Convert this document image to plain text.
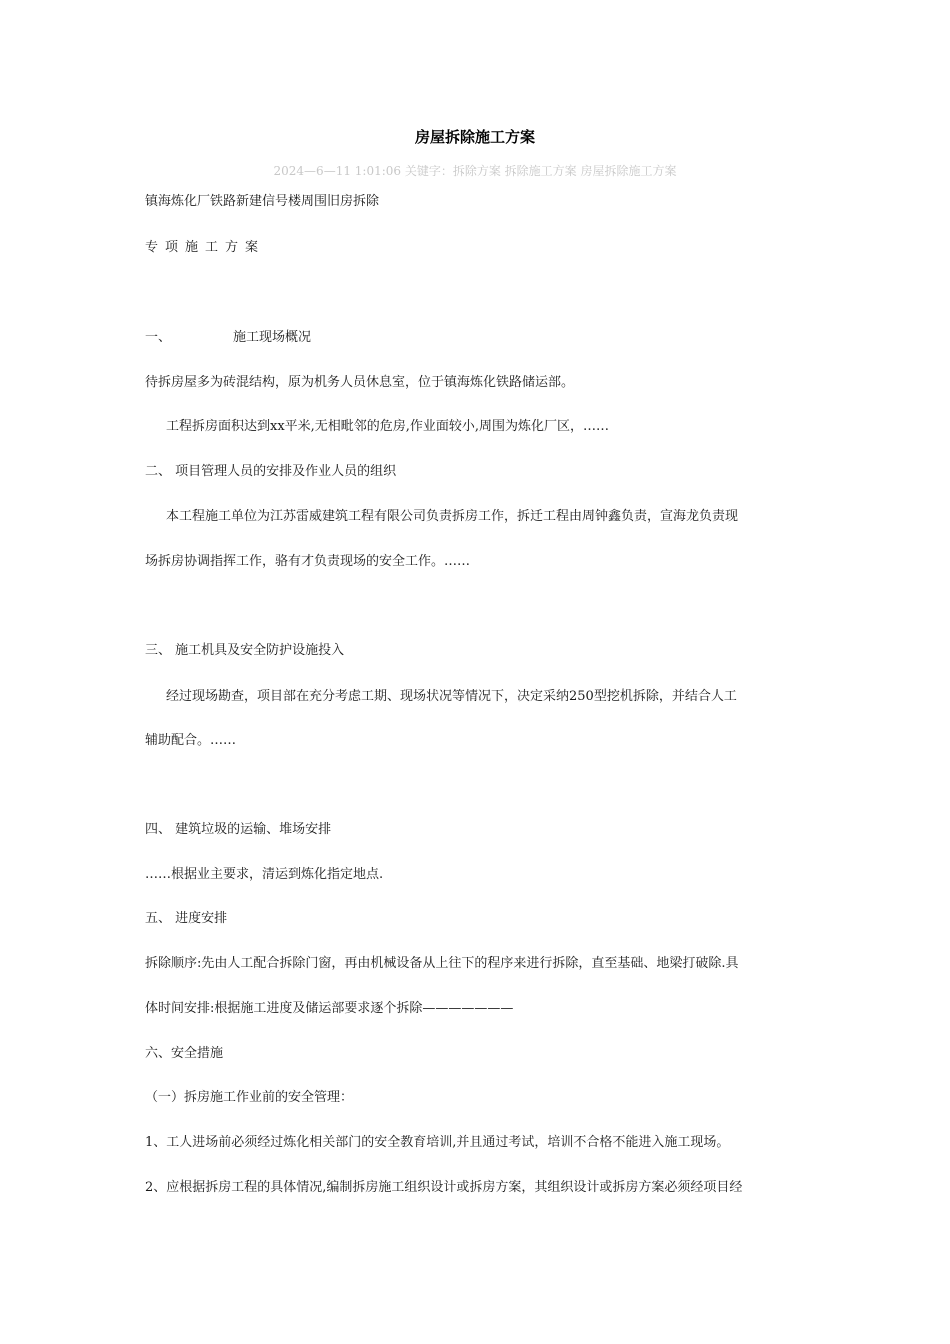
房屋拆除施工方案
2024—6—11 1:01:06 关键字：拆除方案 拆除施工方案 房屋拆除施工方案

镇海炼化厂铁路新建信号楼周围旧房拆除

专项施工方案

一、	施工现场概况

待拆房屋多为砖混结构，原为机务人员休息室，位于镇海炼化铁路储运部。

工程拆房面积达到xx平米,无相毗邻的危房,作业面较小,周围为炼化厂区，……

二、 项目管理人员的安排及作业人员的组织

本工程施工单位为江苏雷威建筑工程有限公司负责拆房工作，拆迁工程由周钟鑫负责，宣海龙负责现

场拆房协调指挥工作，骆有才负责现场的安全工作。……

三、 施工机具及安全防护设施投入

经过现场勘查，项目部在充分考虑工期、现场状况等情况下，决定采纳250型挖机拆除，并结合人工

辅助配合。……

四、 建筑垃圾的运输、堆场安排

……根据业主要求，清运到炼化指定地点.

五、 进度安排

拆除顺序:先由人工配合拆除门窗，再由机械设备从上往下的程序来进行拆除，直至基础、地梁打破除.具

体时间安排:根据施工进度及储运部要求逐个拆除———————

六、安全措施

（一）拆房施工作业前的安全管理：

1、工人进场前必须经过炼化相关部门的安全教育培训,并且通过考试，培训不合格不能进入施工现场。

2、应根据拆房工程的具体情况,编制拆房施工组织设计或拆房方案，其组织设计或拆房方案必须经项目经
